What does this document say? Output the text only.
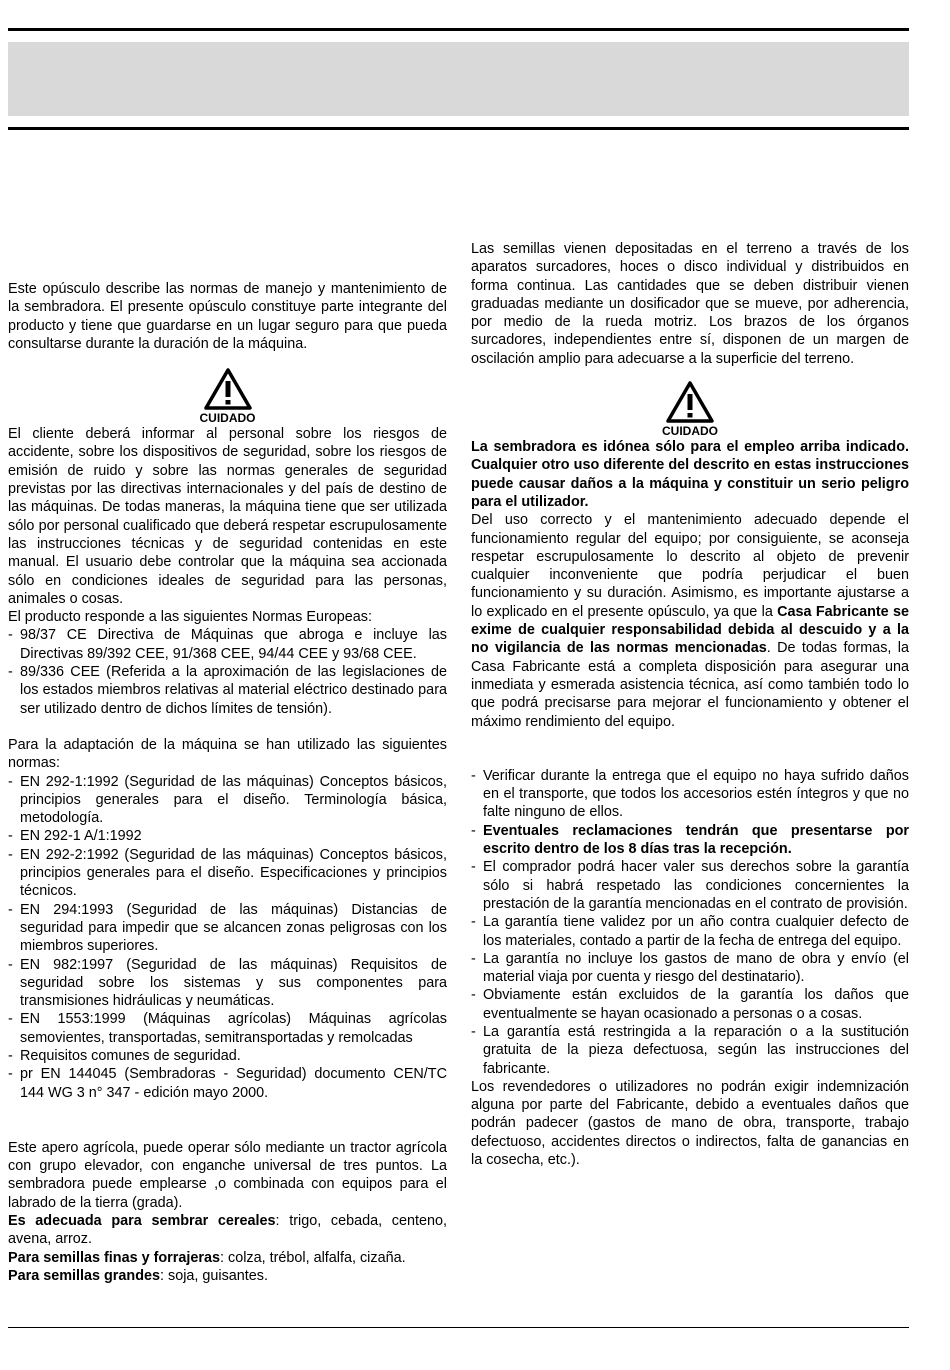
Este opúsculo describe las normas de manejo y mantenimiento de la sembradora. El presente opúsculo constituye parte integrante del producto y tiene que guardarse en un lugar seguro para que pueda consultarse durante la duración de la máquina.

CUIDADO

El cliente deberá informar al personal sobre los riesgos de accidente, sobre los dispositivos de seguridad, sobre los riesgos de emisión de ruido y sobre las normas generales de seguridad previstas por las directivas internacionales y del país de destino de las máquinas. De todas maneras, la máquina tiene que ser utilizada sólo por personal cualificado que deberá respetar escrupulosamente las instrucciones técnicas y de seguridad contenidas en este manual. El usuario debe controlar que la máquina sea accionada sólo en condiciones ideales de seguridad para las personas, animales o cosas.

El producto responde a las siguientes Normas Europeas:

- 98/37 CE Directiva de Máquinas que abroga e incluye las Directivas 89/392 CEE, 91/368 CEE, 94/44 CEE y 93/68 CEE.
- 89/336 CEE (Referida a la aproximación de las legislaciones de los estados miembros relativas al material eléctrico destinado para ser utilizado dentro de dichos límites de tensión).

Para la adaptación de la máquina se han utilizado las siguientes normas:

- EN 292-1:1992 (Seguridad de las máquinas) Conceptos básicos, principios generales para el diseño. Terminología básica, metodología.
- EN 292-1 A/1:1992
- EN 292-2:1992 (Seguridad de las máquinas) Conceptos básicos, principios generales para el diseño. Especificaciones y principios técnicos.
- EN 294:1993 (Seguridad de las máquinas) Distancias de seguridad para impedir que se alcancen zonas peligrosas con los miembros superiores.
- EN 982:1997 (Seguridad de las máquinas) Requisitos de seguridad sobre los sistemas y sus componentes para transmisiones hidráulicas y neumáticas.
- EN 1553:1999 (Máquinas agrícolas) Máquinas agrícolas semovientes, transportadas, semitransportadas y remolcadas
- Requisitos comunes de seguridad.
- pr EN 144045 (Sembradoras - Seguridad) documento CEN/TC 144 WG 3 n° 347 - edición mayo 2000.

Este apero agrícola, puede operar sólo mediante un tractor agrícola con grupo elevador, con enganche universal de tres puntos. La sembradora puede emplearse ,o combinada con equipos para el labrado de la tierra (grada).

Es adecuada para sembrar cereales: trigo, cebada, centeno, avena, arroz.

Para semillas finas y forrajeras: colza, trébol, alfalfa, cizaña.

Para semillas grandes: soja, guisantes.

Las semillas vienen depositadas en el terreno a través de los aparatos surcadores, hoces o disco individual y distribuidos en forma continua. Las cantidades que se deben distribuir vienen graduadas mediante un dosificador que se mueve, por adherencia, por medio de la rueda motriz. Los brazos de los órganos surcadores, independientes entre sí, disponen de un margen de oscilación amplio para adecuarse a la superficie del terreno.

CUIDADO

La sembradora es idónea sólo para el empleo arriba indicado. Cualquier otro uso diferente del descrito en estas instrucciones puede causar daños a la máquina y constituir un serio peligro para el utilizador.

Del uso correcto y el mantenimiento adecuado depende el funcionamiento regular del equipo; por consiguiente, se aconseja respetar escrupulosamente lo descrito al objeto de prevenir cualquier inconveniente que podría perjudicar el buen funcionamiento y su duración. Asimismo, es importante ajustarse a lo explicado en el presente opúsculo, ya que la Casa Fabricante se exime de cualquier responsabilidad debida al descuido y a la no vigilancia de las normas mencionadas. De todas formas, la Casa Fabricante está a completa disposición para asegurar una inmediata y esmerada asistencia técnica, así como también todo lo que podrá precisarse para mejorar el funcionamiento y obtener el máximo rendimiento del equipo.

- Verificar durante la entrega que el equipo no haya sufrido daños en el transporte, que todos los accesorios estén íntegros y que no falte ninguno de ellos.
- Eventuales reclamaciones tendrán que presentarse por escrito dentro de los 8 días tras la recepción.
- El comprador podrá hacer valer sus derechos sobre la garantía sólo si habrá respetado las condiciones concernientes la prestación de la garantía mencionadas en el contrato de provisión.
- La garantía tiene validez por un año contra cualquier defecto de los materiales, contado a partir de la fecha de entrega del equipo.
- La garantía no incluye los gastos de mano de obra y envío (el material viaja por cuenta y riesgo del destinatario).
- Obviamente están excluidos de la garantía los daños que eventualmente se hayan ocasionado a personas o a cosas.
- La garantía está restringida a la reparación o a la sustitución gratuita de la pieza defectuosa, según las instrucciones del fabricante.

Los revendedores o utilizadores no podrán exigir indemnización alguna por parte del Fabricante, debido a eventuales daños que podrán padecer (gastos de mano de obra, transporte, trabajo defectuoso, accidentes directos o indirectos, falta de ganancias en la cosecha, etc.).
